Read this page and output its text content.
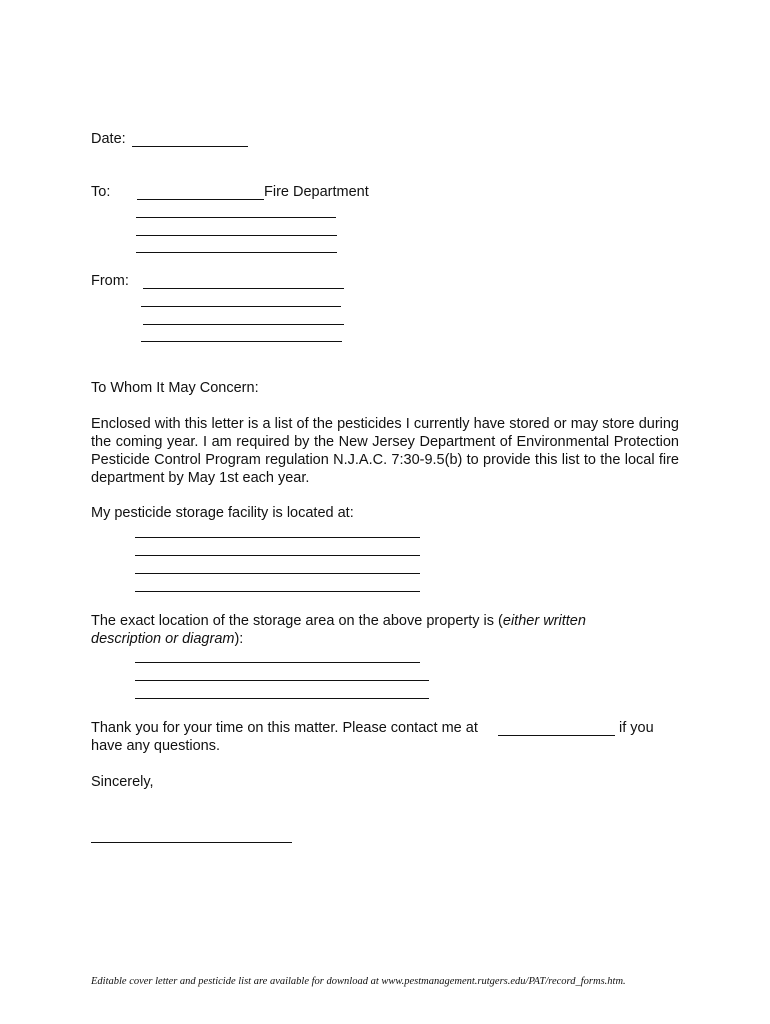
Date:
To:	Fire Department
From:
To Whom It May Concern:
Enclosed with this letter is a list of the pesticides I currently have stored or may store during the coming year. I am required by the New Jersey Department of Environmental Protection Pesticide Control Program regulation N.J.A.C. 7:30-9.5(b) to provide this list to the local fire department by May 1st each year.
My pesticide storage facility is located at:
The exact location of the storage area on the above property is (either written description or diagram):
Thank you for your time on this matter. Please contact me at	if you
have any questions.
Sincerely,
Editable cover letter and pesticide list are available for download at www.pestmanagement.rutgers.edu/PAT/record_forms.htm.
